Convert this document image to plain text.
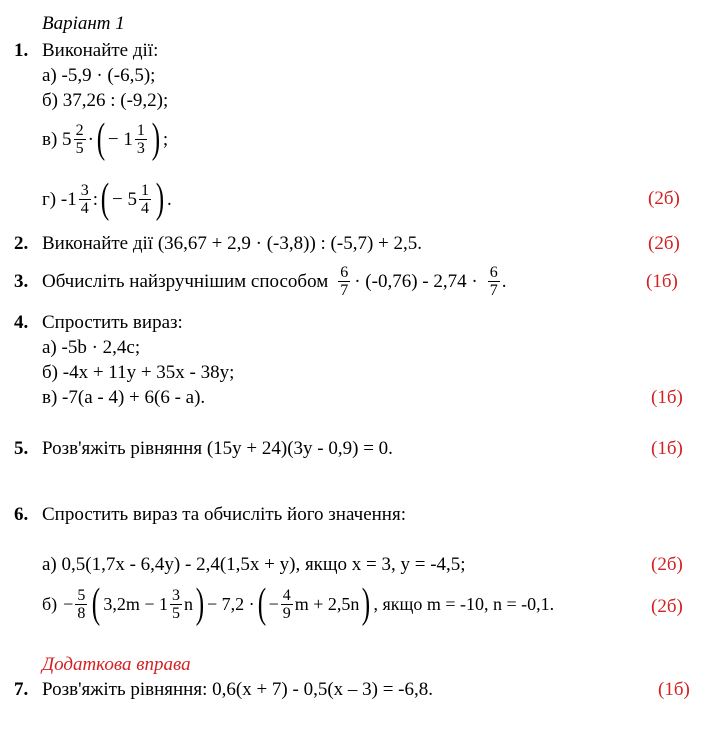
Варіант 1
1. Виконайте дії:
а) -5,9 · (-6,5);
б) 37,26 : (-9,2);
в) $5 \frac{2}{5}$ · ( − $1 \frac{1}{3}$ ) ;
г) $-1 \frac{3}{4}$ : ( − $5 \frac{1}{4}$ ) .	(2б)
2. Виконайте дії (36,67 + 2,9 · (-3,8)) : (-5,7) + 2,5.	(2б)
3. Обчисліть найзручнішим способом $\frac{6}{7} \cdot (-0,76) - 2,74 \cdot \frac{6}{7}$ .	(1б)
4. Спростить вираз:
а) -5b · 2,4c;
б) -4x + 11y + 35x - 38y;
в) -7(a - 4) + 6(6 - a).	(1б)
5. Розв'яжіть рівняння (15y + 24)(3y - 0,9) = 0.	(1б)
6. Спростить вираз та обчисліть його значення:
а) 0,5(1,7x - 6,4y) - 2,4(1,5x + y), якщо x = 3, y = -4,5;	(2б)
$б) - \frac{5}{8}$ ( $3,2m - 1 \frac{3}{5}$ n ) − 7,2 · ( − $\frac{4}{9}$ m + 2,5n ) , якщо m = -10, n = -0,1.	(2б)
Додаткова вправа
7. Розв'яжіть рівняння: 0,6(x + 7) - 0,5(x – 3) = -6,8.	(1б)
